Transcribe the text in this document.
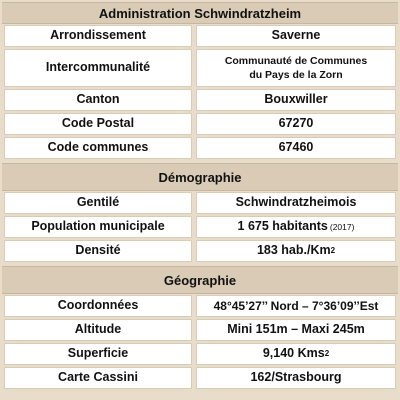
Administration Schwindratzheim
Arrondissement	Saverne
Intercommunalité	Communauté de Communes
du Pays de la Zorn
Canton	Bouxwiller
Code Postal	67270
Code communes	67460
Démographie
Gentilé	Schwindratzheimois
Population municipale	1 675 habitants (2017)
Densité	183 hab./Km 2
Géographie
Coordonnées	48°45’27’’ Nord – 7°36’09’’Est
Altitude	Mini 151m – Maxi 245m
Superficie	9,140 Kms 2
Carte Cassini	162/Strasbourg
